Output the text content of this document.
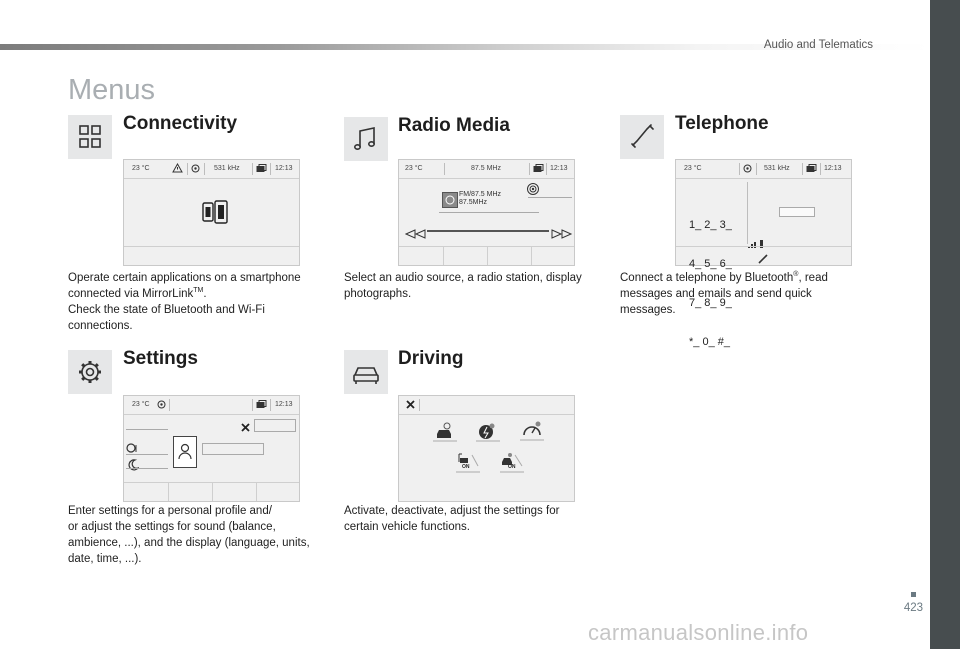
Audio and Telematics
Menus
Connectivity
23 °C	531 kHz	12:13

Operate certain applications on a smartphone

connected via MirrorLink™.

Check the state of Bluetooth and Wi-Fi

connections.

Radio Media
23 °C	87.5 MHz	12:13
FM/87.5 MHz
87.5MHz

Select an audio source, a radio station, display

photographs.

Telephone
23 °C	531 kHz	12:13

1_ 2_ 3_

4_ 5_ 6_

7_ 8_ 9_

*_ 0_ #_

Connect a telephone by Bluetooth®, read

messages and emails and send quick

messages.

Settings
23 °C	12:13

Enter settings for a personal profile and/

or adjust the settings for sound (balance,

ambience, ...), and the display (language, units,

date, time, ...).

Driving
ON	ON

Activate, deactivate, adjust the settings for

certain vehicle functions.

423
carmanualsonline.info
